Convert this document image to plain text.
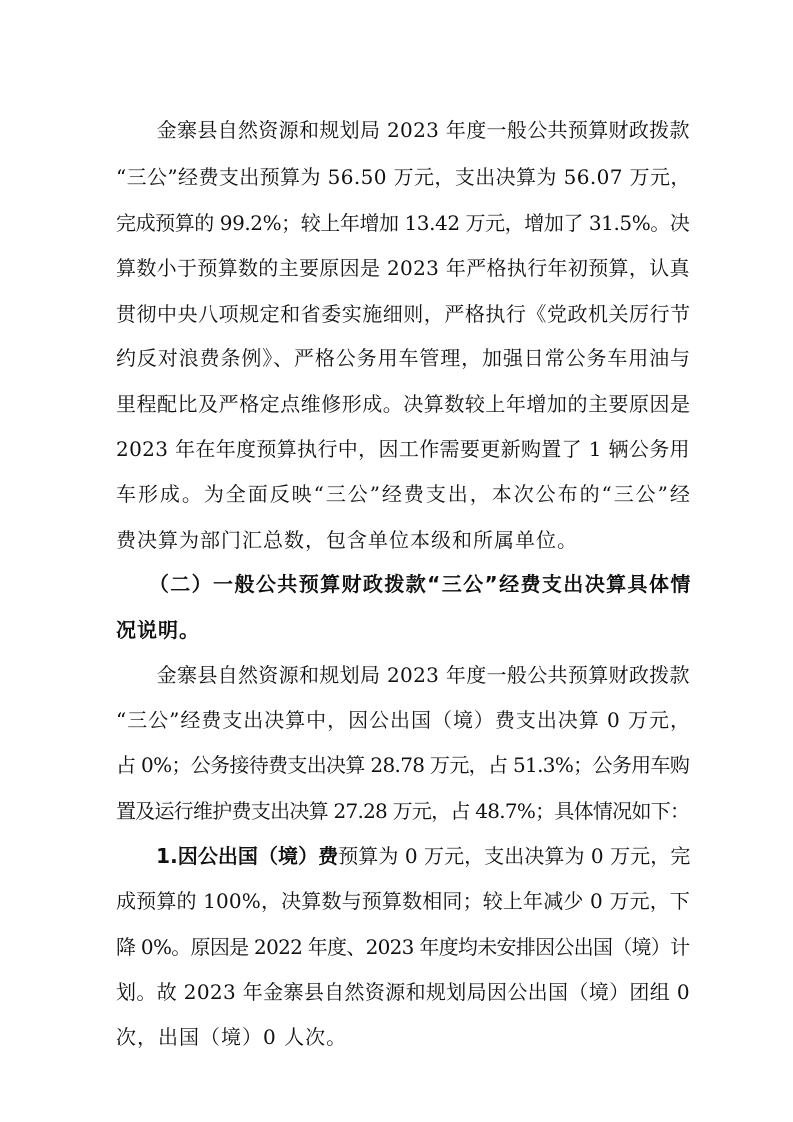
　　金寨县自然资源和规划局 2023 年度一般公共预算财政拨款
“三公”经费支出预算为 56.50 万元，支出决算为 56.07 万元，
完成预算的 99.2%；较上年增加 13.42 万元，增加了 31.5%。决
算数小于预算数的主要原因是 2023 年严格执行年初预算，认真
贯彻中央八项规定和省委实施细则，严格执行《党政机关厉行节
约反对浪费条例》、严格公务用车管理，加强日常公务车用油与
里程配比及严格定点维修形成。决算数较上年增加的主要原因是
2023 年在年度预算执行中，因工作需要更新购置了 1 辆公务用
车形成。为全面反映“三公”经费支出，本次公布的“三公”经
费决算为部门汇总数，包含单位本级和所属单位。
　　（二）一般公共预算财政拨款“三公”经费支出决算具体情
况说明。
　　金寨县自然资源和规划局 2023 年度一般公共预算财政拨款
“三公”经费支出决算中，因公出国（境）费支出决算 0 万元，
占 0%；公务接待费支出决算 28.78 万元，占 51.3%；公务用车购
置及运行维护费支出决算 27.28 万元，占 48.7%；具体情况如下：
　　1.因公出国（境）费预算为 0 万元，支出决算为 0 万元，完
成预算的 100%，决算数与预算数相同；较上年减少 0 万元，下
降 0%。原因是 2022 年度、2023 年度均未安排因公出国（境）计
划。故 2023 年金寨县自然资源和规划局因公出国（境）团组 0
次，出国（境）0 人次。
